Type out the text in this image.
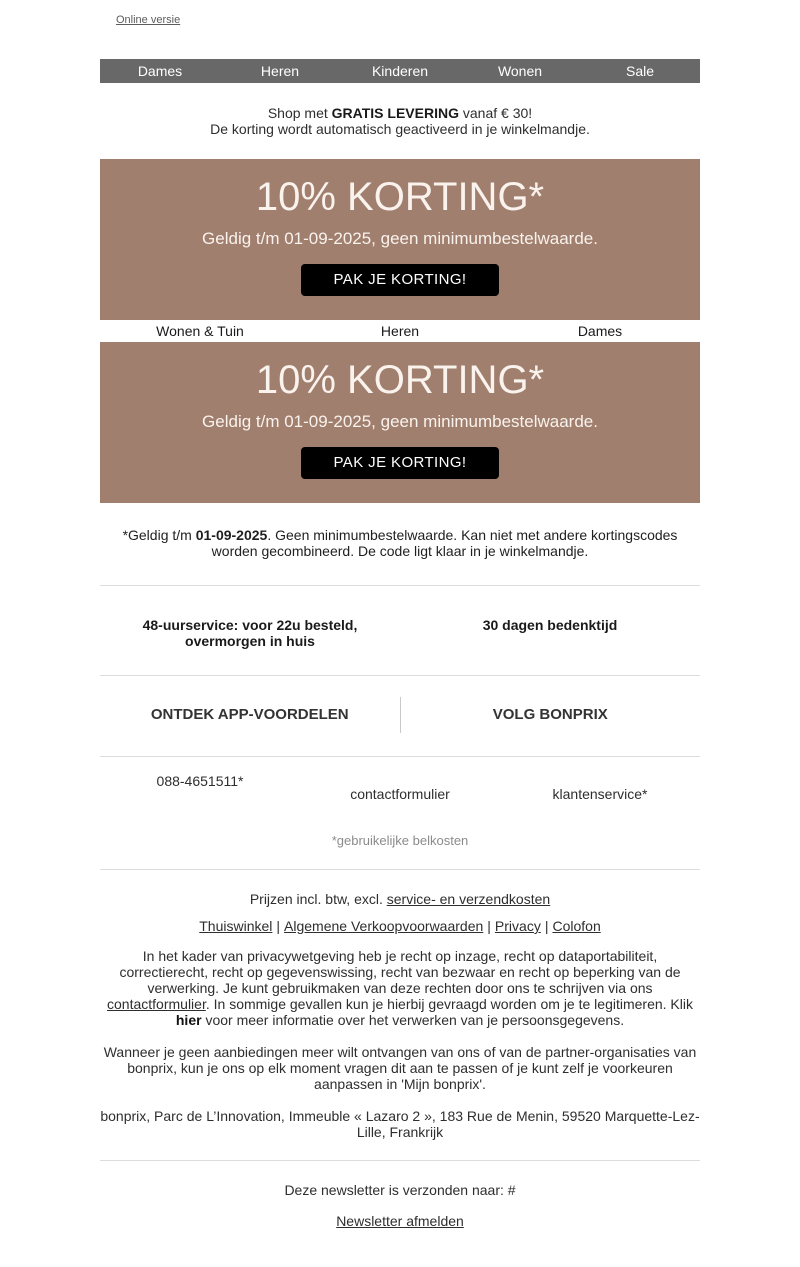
Online versie
Dames	Heren	Kinderen	Wonen	Sale
Shop met GRATIS LEVERING vanaf € 30!
De korting wordt automatisch geactiveerd in je winkelmandje.
10% KORTING*
Geldig t/m 01-09-2025, geen minimumbestelwaarde.
PAK JE KORTING!
Wonen & Tuin	Heren	Dames
10% KORTING*
Geldig t/m 01-09-2025, geen minimumbestelwaarde.
PAK JE KORTING!
*Geldig t/m 01-09-2025. Geen minimumbestelwaarde. Kan niet met andere kortingscodes worden gecombineerd. De code ligt klaar in je winkelmandje.
48-uurservice: voor 22u besteld, overmorgen in huis
30 dagen bedenktijd
ONTDEK APP-VOORDELEN	VOLG BONPRIX
088-4651511*
contactformulier	klantenservice*
*gebruikelijke belkosten
Prijzen incl. btw, excl. service- en verzendkosten
Thuiswinkel | Algemene Verkoopvoorwaarden | Privacy | Colofon
In het kader van privacywetgeving heb je recht op inzage, recht op dataportabiliteit, correctierecht, recht op gegevenswissing, recht van bezwaar en recht op beperking van de verwerking. Je kunt gebruikmaken van deze rechten door ons te schrijven via ons contactformulier. In sommige gevallen kun je hierbij gevraagd worden om je te legitimeren. Klik hier voor meer informatie over het verwerken van je persoonsgegevens.
Wanneer je geen aanbiedingen meer wilt ontvangen van ons of van de partner-organisaties van bonprix, kun je ons op elk moment vragen dit aan te passen of je kunt zelf je voorkeuren aanpassen in 'Mijn bonprix'.
bonprix, Parc de L’Innovation, Immeuble « Lazaro 2 », 183 Rue de Menin, 59520 Marquette-Lez-Lille, Frankrijk
Deze newsletter is verzonden naar: #
Newsletter afmelden
